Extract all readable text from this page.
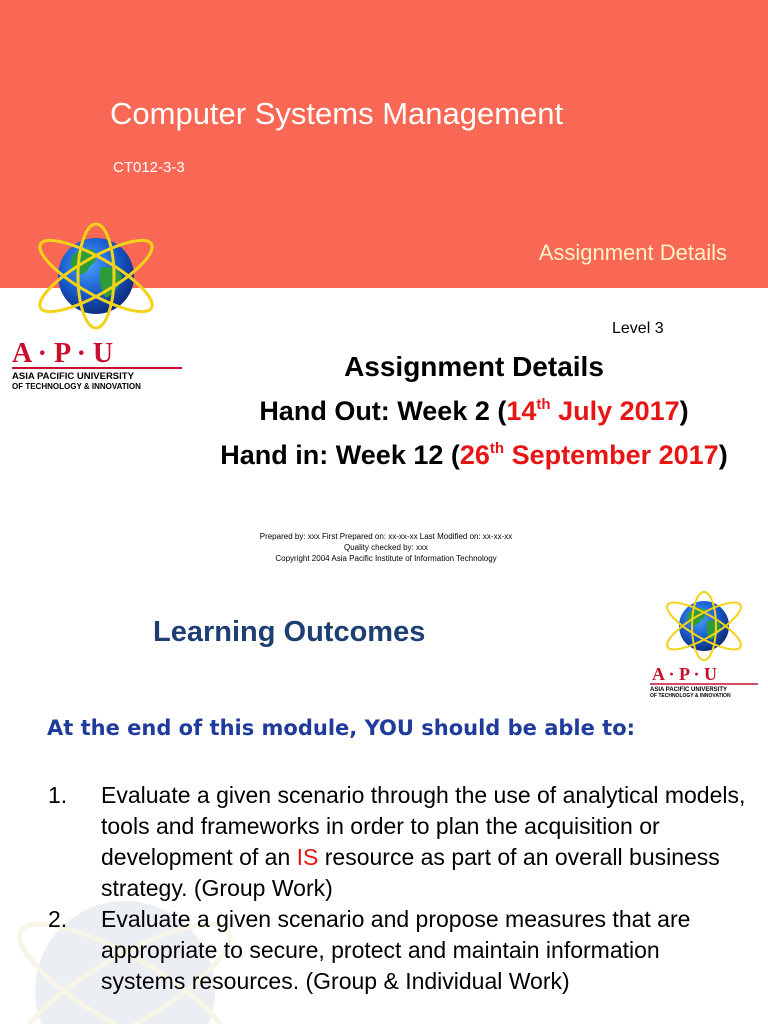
Computer Systems Management
CT012-3-3
Assignment Details
A · P · U
ASIA PACIFIC UNIVERSITY
OF TECHNOLOGY & INNOVATION
Level 3
Assignment Details
Hand Out: Week 2 (14th July 2017)
Hand in: Week 12 (26th September 2017)
Prepared by: xxx First Prepared on: xx-xx-xx Last Modified on: xx-xx-xx
Quality checked by: xxx
Copyright 2004 Asia Pacific Institute of Information Technology
Learning Outcomes
A · P · U
ASIA PACIFIC UNIVERSITY
OF TECHNOLOGY & INNOVATION
At the end of this module, YOU should be able to:
1. Evaluate a given scenario through the use of analytical models, tools and frameworks in order to plan the acquisition or development of an IS resource as part of an overall business strategy. (Group Work)
2. Evaluate a given scenario and propose measures that are appropriate to secure, protect and maintain information systems resources. (Group & Individual Work)
